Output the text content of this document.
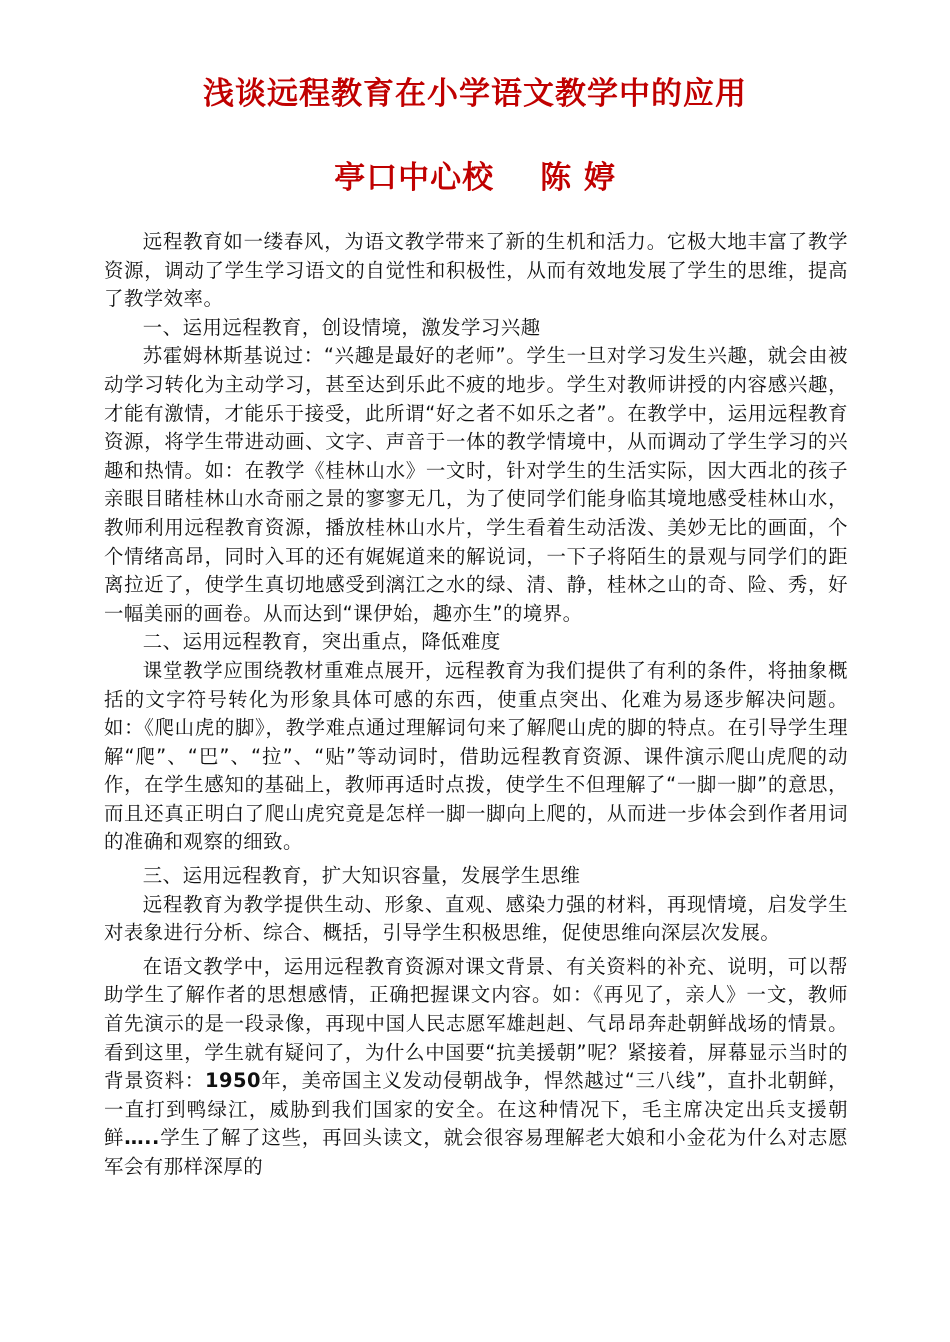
浅谈远程教育在小学语文教学中的应用
亭口中心校 陈 婷

远程教育如一缕春风，为语文教学带来了新的生机和活力。它极大地丰富了教学资源，调动了学生学习语文的自觉性和积极性，从而有效地发展了学生的思维，提高了教学效率。

一、运用远程教育，创设情境，激发学习兴趣

苏霍姆林斯基说过：“兴趣是最好的老师”。学生一旦对学习发生兴趣，就会由被动学习转化为主动学习，甚至达到乐此不疲的地步。学生对教师讲授的内容感兴趣，才能有激情，才能乐于接受，此所谓“好之者不如乐之者”。在教学中，运用远程教育资源，将学生带进动画、文字、声音于一体的教学情境中，从而调动了学生学习的兴趣和热情。如：在教学《桂林山水》一文时，针对学生的生活实际，因大西北的孩子亲眼目睹桂林山水奇丽之景的寥寥无几，为了使同学们能身临其境地感受桂林山水，教师利用远程教育资源，播放桂林山水片，学生看着生动活泼、美妙无比的画面，个个情绪高昂，同时入耳的还有娓娓道来的解说词，一下子将陌生的景观与同学们的距离拉近了，使学生真切地感受到漓江之水的绿、清、静，桂林之山的奇、险、秀，好一幅美丽的画卷。从而达到“课伊始，趣亦生”的境界。

二、运用远程教育，突出重点，降低难度

课堂教学应围绕教材重难点展开，远程教育为我们提供了有利的条件，将抽象概括的文字符号转化为形象具体可感的东西，使重点突出、化难为易逐步解决问题。如：《爬山虎的脚》，教学难点通过理解词句来了解爬山虎的脚的特点。在引导学生理解“爬”、“巴”、“拉”、“贴”等动词时，借助远程教育资源、课件演示爬山虎爬的动作，在学生感知的基础上，教师再适时点拨，使学生不但理解了“一脚一脚”的意思，而且还真正明白了爬山虎究竟是怎样一脚一脚向上爬的，从而进一步体会到作者用词的准确和观察的细致。

三、运用远程教育，扩大知识容量，发展学生思维

远程教育为教学提供生动、形象、直观、感染力强的材料，再现情境，启发学生对表象进行分析、综合、概括，引导学生积极思维，促使思维向深层次发展。

在语文教学中，运用远程教育资源对课文背景、有关资料的补充、说明，可以帮助学生了解作者的思想感情，正确把握课文内容。如：《再见了，亲人》一文，教师首先演示的是一段录像，再现中国人民志愿军雄赳赳、气昂昂奔赴朝鲜战场的情景。看到这里，学生就有疑问了，为什么中国要“抗美援朝”呢？紧接着，屏幕显示当时的背景资料：1950年，美帝国主义发动侵朝战争，悍然越过“三八线”，直扑北朝鲜，一直打到鸭绿江，威胁到我们国家的安全。在这种情况下，毛主席决定出兵支援朝鲜…..学生了解了这些，再回头读文，就会很容易理解老大娘和小金花为什么对志愿军会有那样深厚的
